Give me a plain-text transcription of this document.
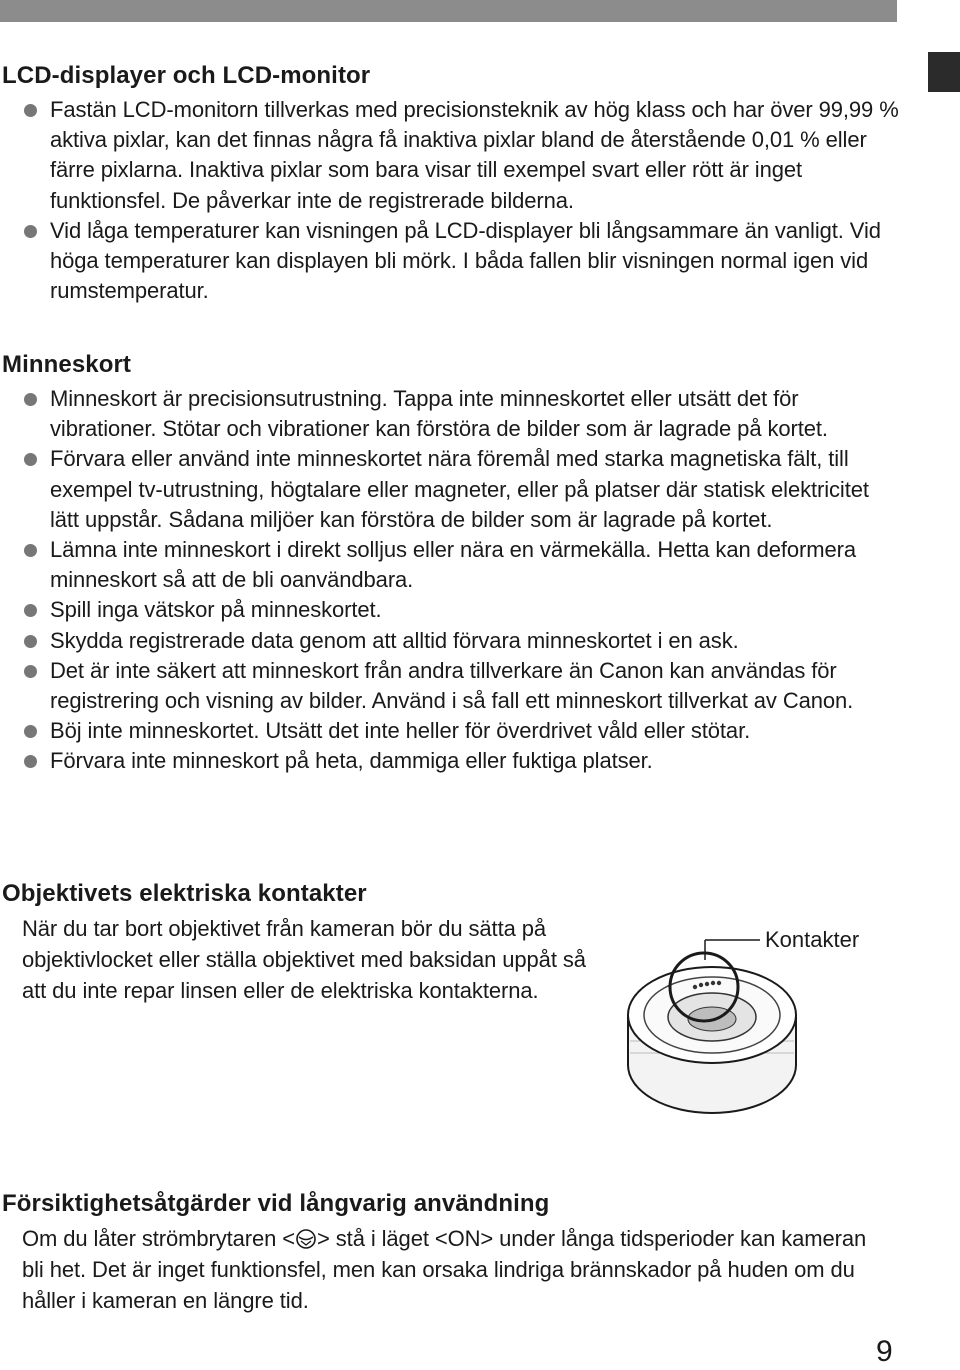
LCD-displayer och LCD-monitor
Fastän LCD-monitorn tillverkas med precisionsteknik av hög klass och har över 99,99 % aktiva pixlar, kan det finnas några få inaktiva pixlar bland de återstående 0,01 % eller färre pixlarna. Inaktiva pixlar som bara visar till exempel svart eller rött är inget funktionsfel. De påverkar inte de registrerade bilderna.
Vid låga temperaturer kan visningen på LCD-displayer bli långsammare än vanligt. Vid höga temperaturer kan displayen bli mörk. I båda fallen blir visningen normal igen vid rumstemperatur.
Minneskort
Minneskort är precisionsutrustning. Tappa inte minneskortet eller utsätt det för vibrationer. Stötar och vibrationer kan förstöra de bilder som är lagrade på kortet.
Förvara eller använd inte minneskortet nära föremål med starka magnetiska fält, till exempel tv-utrustning, högtalare eller magneter, eller på platser där statisk elektricitet lätt uppstår. Sådana miljöer kan förstöra de bilder som är lagrade på kortet.
Lämna inte minneskort i direkt solljus eller nära en värmekälla. Hetta kan deformera minneskort så att de bli oanvändbara.
Spill inga vätskor på minneskortet.
Skydda registrerade data genom att alltid förvara minneskortet i en ask.
Det är inte säkert att minneskort från andra tillverkare än Canon kan användas för registrering och visning av bilder. Använd i så fall ett minneskort tillverkat av Canon.
Böj inte minneskortet. Utsätt det inte heller för överdrivet våld eller stötar.
Förvara inte minneskort på heta, dammiga eller fuktiga platser.
Objektivets elektriska kontakter

När du tar bort objektivet från kameran bör du sätta på objektivlocket eller ställa objektivet med baksidan uppåt så att du inte repar linsen eller de elektriska kontakterna.

Kontakter

Försiktighetsåtgärder vid långvarig användning

Om du låter strömbrytaren < > stå i läget <ON> under långa tidsperioder kan kameran bli het. Det är inget funktionsfel, men kan orsaka lindriga brännskador på huden om du håller i kameran en längre tid.

9
